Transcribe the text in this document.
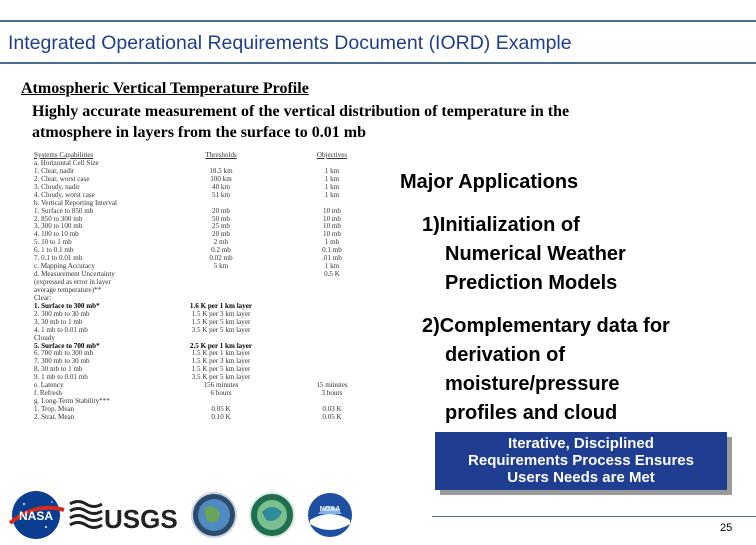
Integrated Operational Requirements Document (IORD) Example
Atmospheric Vertical Temperature Profile
Highly accurate measurement of the vertical distribution of temperature in the
atmosphere in layers from the surface to 0.01 mb
Systems Capabilities
a. Horizontal Cell Size
1. Clear, nadir
2. Clear, worst case
3. Cloudy, nadir
4. Cloudy, worst case
b. Vertical Reporting Interval
1. Surface to 850 mb
2. 850 to 300 mb
3. 300 to 100 mb
4. 100 to 10 mb
5. 10 to 1 mb
6. 1 to 0.1 mb
7. 0.1 to 0.01 mb
c. Mapping Accuracy
d. Measurement Uncertainty
(expressed as error in layer
average temperature)**
Clear:
1. Surface to 300 mb*
2. 300 mb to 30 mb
3. 30 mb to 1 mb
4. 1 mb to 0.01 mb
Cloudy
5. Surface to 700 mb*
6. 700 mb to 300 mb
7. 300 mb to 30 mb
8. 30 mb to 1 mb
9. 1 mb to 0.01 mb
e. Latency
f. Refresh
g. Long-Term Stability***
1. Trop. Mean
2. Strat. Mean
Thresholds
18.5 km
100 km
40 km
51 km
20 mb
50 mb
25 mb
20 mb
2 mb
0.2 mb
0.02 mb
5 km
1.6 K per 1 km layer
1.5 K per 3 km layer
1.5 K per 5 km layer
3.5 K per 5 km layer
2.5 K per 1 km layer
1.5 K per 1 km layer
1.5 K per 3 km layer
1.5 K per 5 km layer
3.5 K per 5 km layer
156 minutes
6 hours
0.05 K
0.10 K
Objectives
1 km
1 km
1 km
1 km
10 mb
10 mb
10 mb
10 mb
1 mb
0.1 mb
.01 mb
1 km
0.5 K
15 minutes
3 hours
0.03 K
0.05 K
Major Applications
1)Initialization of
Numerical Weather
Prediction Models
2)Complementary data for
derivation of
moisture/pressure
profiles and cloud
Iterative, Disciplined
Requirements Process Ensures
Users Needs are Met
NASA USGS	NOAA
25
